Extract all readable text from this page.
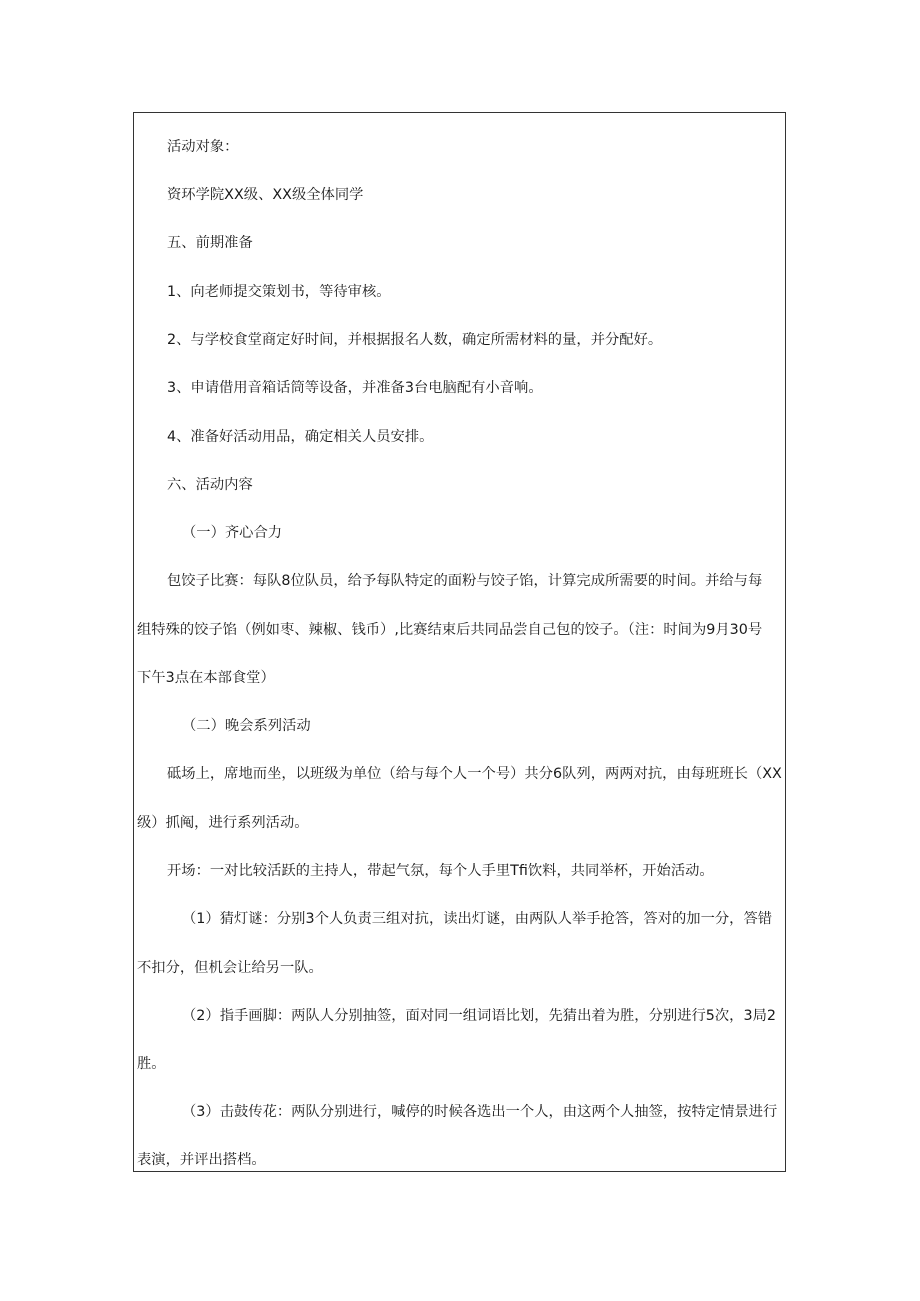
活动对象：
资环学院XX级、XX级全体同学
五、前期准备
1、向老师提交策划书，等待审核。
2、与学校食堂商定好时间，并根据报名人数，确定所需材料的量，并分配好。
3、申请借用音箱话筒等设备，并准备3台电脑配有小音响。
4、准备好活动用品，确定相关人员安排。
六、活动内容
（一）齐心合力
包饺子比赛：每队8位队员，给予每队特定的面粉与饺子馅，计算完成所需要的时间。并给与每
组特殊的饺子馅（例如枣、辣椒、钱币）,比赛结束后共同品尝自己包的饺子。（注：时间为9月30号
下午3点在本部食堂）
（二）晚会系列活动
砥场上，席地而坐，以班级为单位（给与每个人一个号）共分6队列，两两对抗，由每班班长（XX
级）抓阄，进行系列活动。
开场：一对比较活跃的主持人，带起气氛，每个人手里Tfi饮料，共同举杯，开始活动。
（1）猜灯谜：分别3个人负责三组对抗，读出灯谜，由两队人举手抢答，答对的加一分，答错
不扣分，但机会让给另一队。
（2）指手画脚：两队人分别抽签，面对同一组词语比划，先猜出着为胜，分别进行5次，3局2
胜。
（3）击鼓传花：两队分别进行，喊停的时候各选出一个人，由这两个人抽签，按特定情景进行
表演，并评出搭档。
